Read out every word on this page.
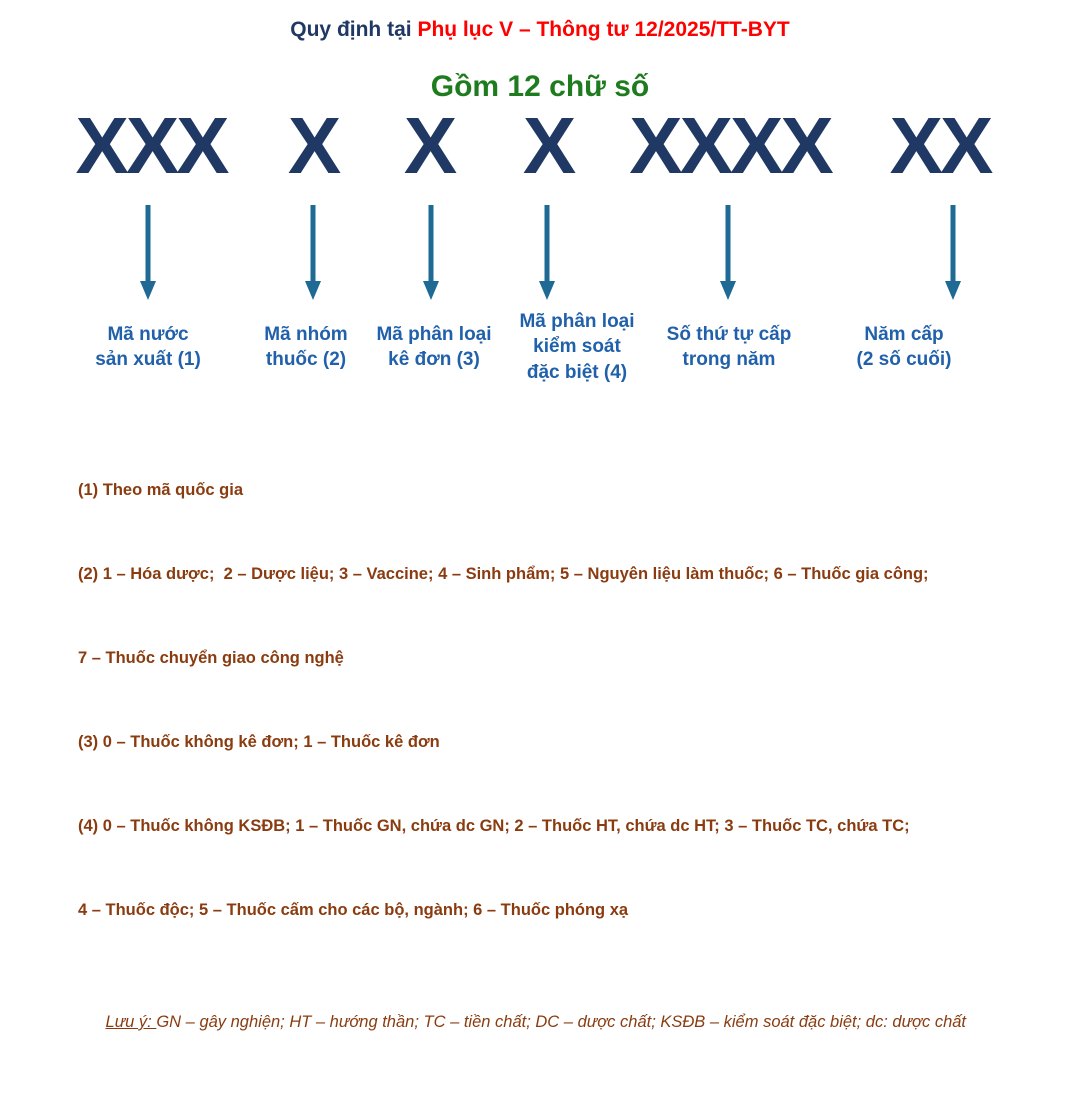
Quy định tại Phụ lục V – Thông tư 12/2025/TT-BYT
Gồm 12 chữ số
XXX X X X XXXX XX
Mã nước
sản xuất (1)
Mã nhóm
thuốc (2)
Mã phân loại
kê đơn (3)
Mã phân loại
kiểm soát
đặc biệt (4)
Số thứ tự cấp
trong năm
Năm cấp
(2 số cuối)

(1) Theo mã quốc gia

(2) 1 – Hóa dược;  2 – Dược liệu; 3 – Vaccine; 4 – Sinh phẩm; 5 – Nguyên liệu làm thuốc; 6 – Thuốc gia công;

7 – Thuốc chuyển giao công nghệ

(3) 0 – Thuốc không kê đơn; 1 – Thuốc kê đơn

(4) 0 – Thuốc không KSĐB; 1 – Thuốc GN, chứa dc GN; 2 – Thuốc HT, chứa dc HT; 3 – Thuốc TC, chứa TC;

4 – Thuốc độc; 5 – Thuốc cấm cho các bộ, ngành; 6 – Thuốc phóng xạ

Lưu ý: GN – gây nghiện; HT – hướng thần; TC – tiền chất; DC – dược chất; KSĐB – kiểm soát đặc biệt; dc: dược chất
